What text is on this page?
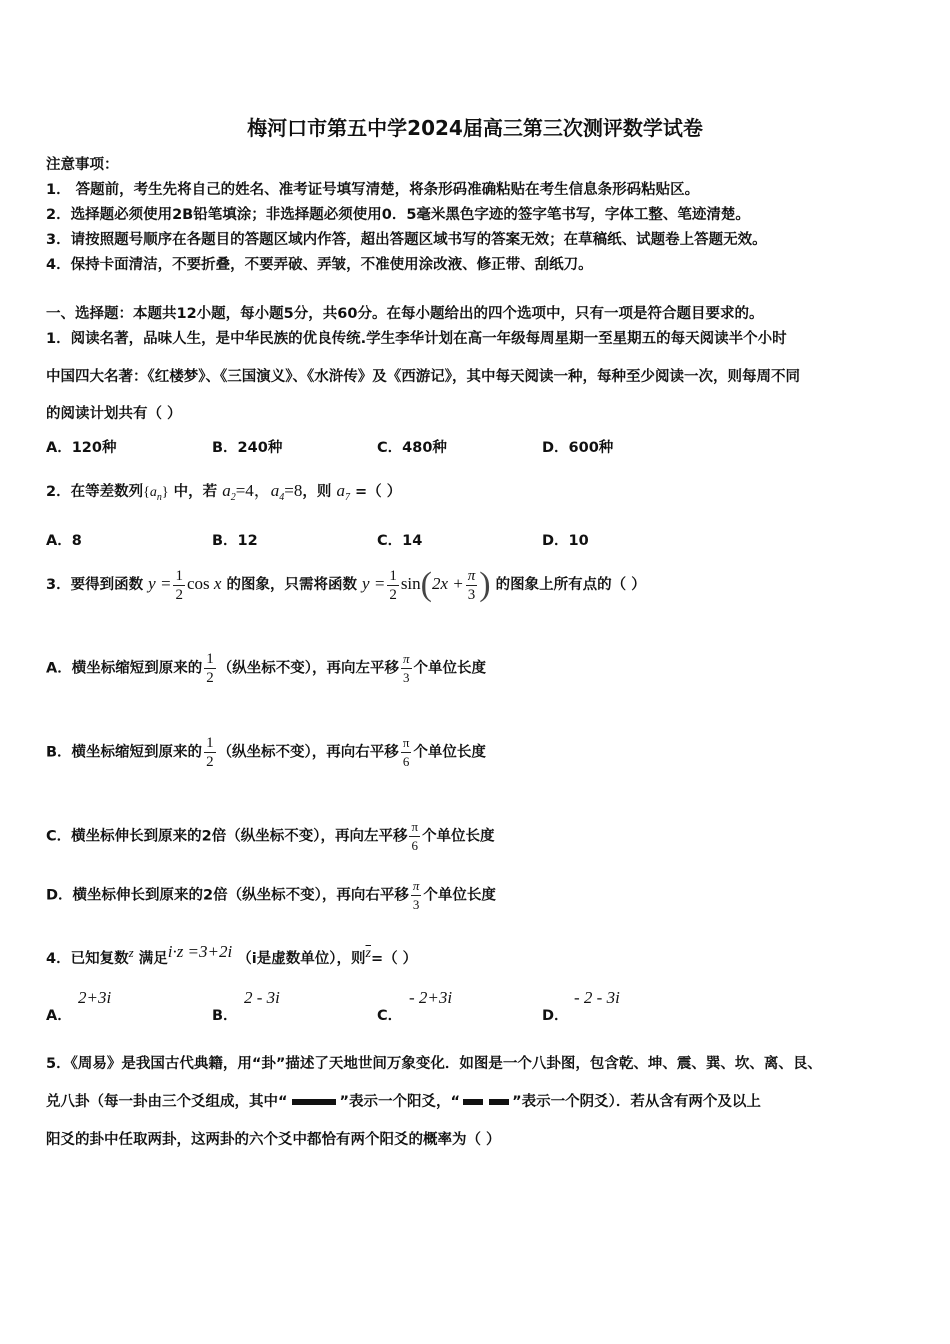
梅河口市第五中学2024届高三第三次测评数学试卷
注意事项：
1． 答题前，考生先将自己的姓名、准考证号填写清楚，将条形码准确粘贴在考生信息条形码粘贴区。
2．选择题必须使用2B铅笔填涂；非选择题必须使用0．5毫米黑色字迹的签字笔书写，字体工整、笔迹清楚。
3．请按照题号顺序在各题目的答题区域内作答，超出答题区域书写的答案无效；在草稿纸、试题卷上答题无效。
4．保持卡面清洁，不要折叠，不要弄破、弄皱，不准使用涂改液、修正带、刮纸刀。
一、选择题：本题共12小题，每小题5分，共60分。在每小题给出的四个选项中，只有一项是符合题目要求的。
1．阅读名著，品味人生，是中华民族的优良传统.学生李华计划在高一年级每周星期一至星期五的每天阅读半个小时
中国四大名著：《红楼梦》、《三国演义》、《水浒传》及《西游记》，其中每天阅读一种，每种至少阅读一次，则每周不同
的阅读计划共有（ ）
A．120种	B．240种	C．480种	D．600种
2．在等差数列$\{a_n\}$ 中，若 $a_2=4$，$a_4=8$，则 $a_7$ =（ ）
A．8	B．12	C．14	D．10
3．要得到函数 $y = \frac{1}{2}$ cos x 的图象，只需将函数 $y = \frac{1}{2} \sin(2x + \frac{\pi}{3}$ ) 的图象上所有点的（ ）
A．横坐标缩短到原来的 $\frac{1}{2}$ （纵坐标不变），再向左平移 $\frac{\pi}{3}$ 个单位长度
B．横坐标缩短到原来的 $\frac{1}{2}$ （纵坐标不变），再向右平移 $\frac{\pi}{6}$ 个单位长度
C．横坐标伸长到原来的2倍（纵坐标不变），再向左平移 $\frac{\pi}{6}$ 个单位长度
D．横坐标伸长到原来的2倍（纵坐标不变），再向右平移 $\frac{\pi}{3}$ 个单位长度
4．已知复数z 满足i·z =3+2i （i是虚数单位），则$\overline{z}=$（ ）
A．
2+3i
B．
2 - 3i
C．
- 2+3i
D．
- 2 - 3i
5．《周易》是我国古代典籍，用“卦”描述了天地世间万象变化．如图是一个八卦图，包含乾、坤、震、巽、坎、离、艮、
兑八卦（每一卦由三个爻组成，其中“	”表示一个阳爻，“	”表示一个阴爻）．若从含有两个及以上
阳爻的卦中任取两卦，这两卦的六个爻中都恰有两个阳爻的概率为（ ）
